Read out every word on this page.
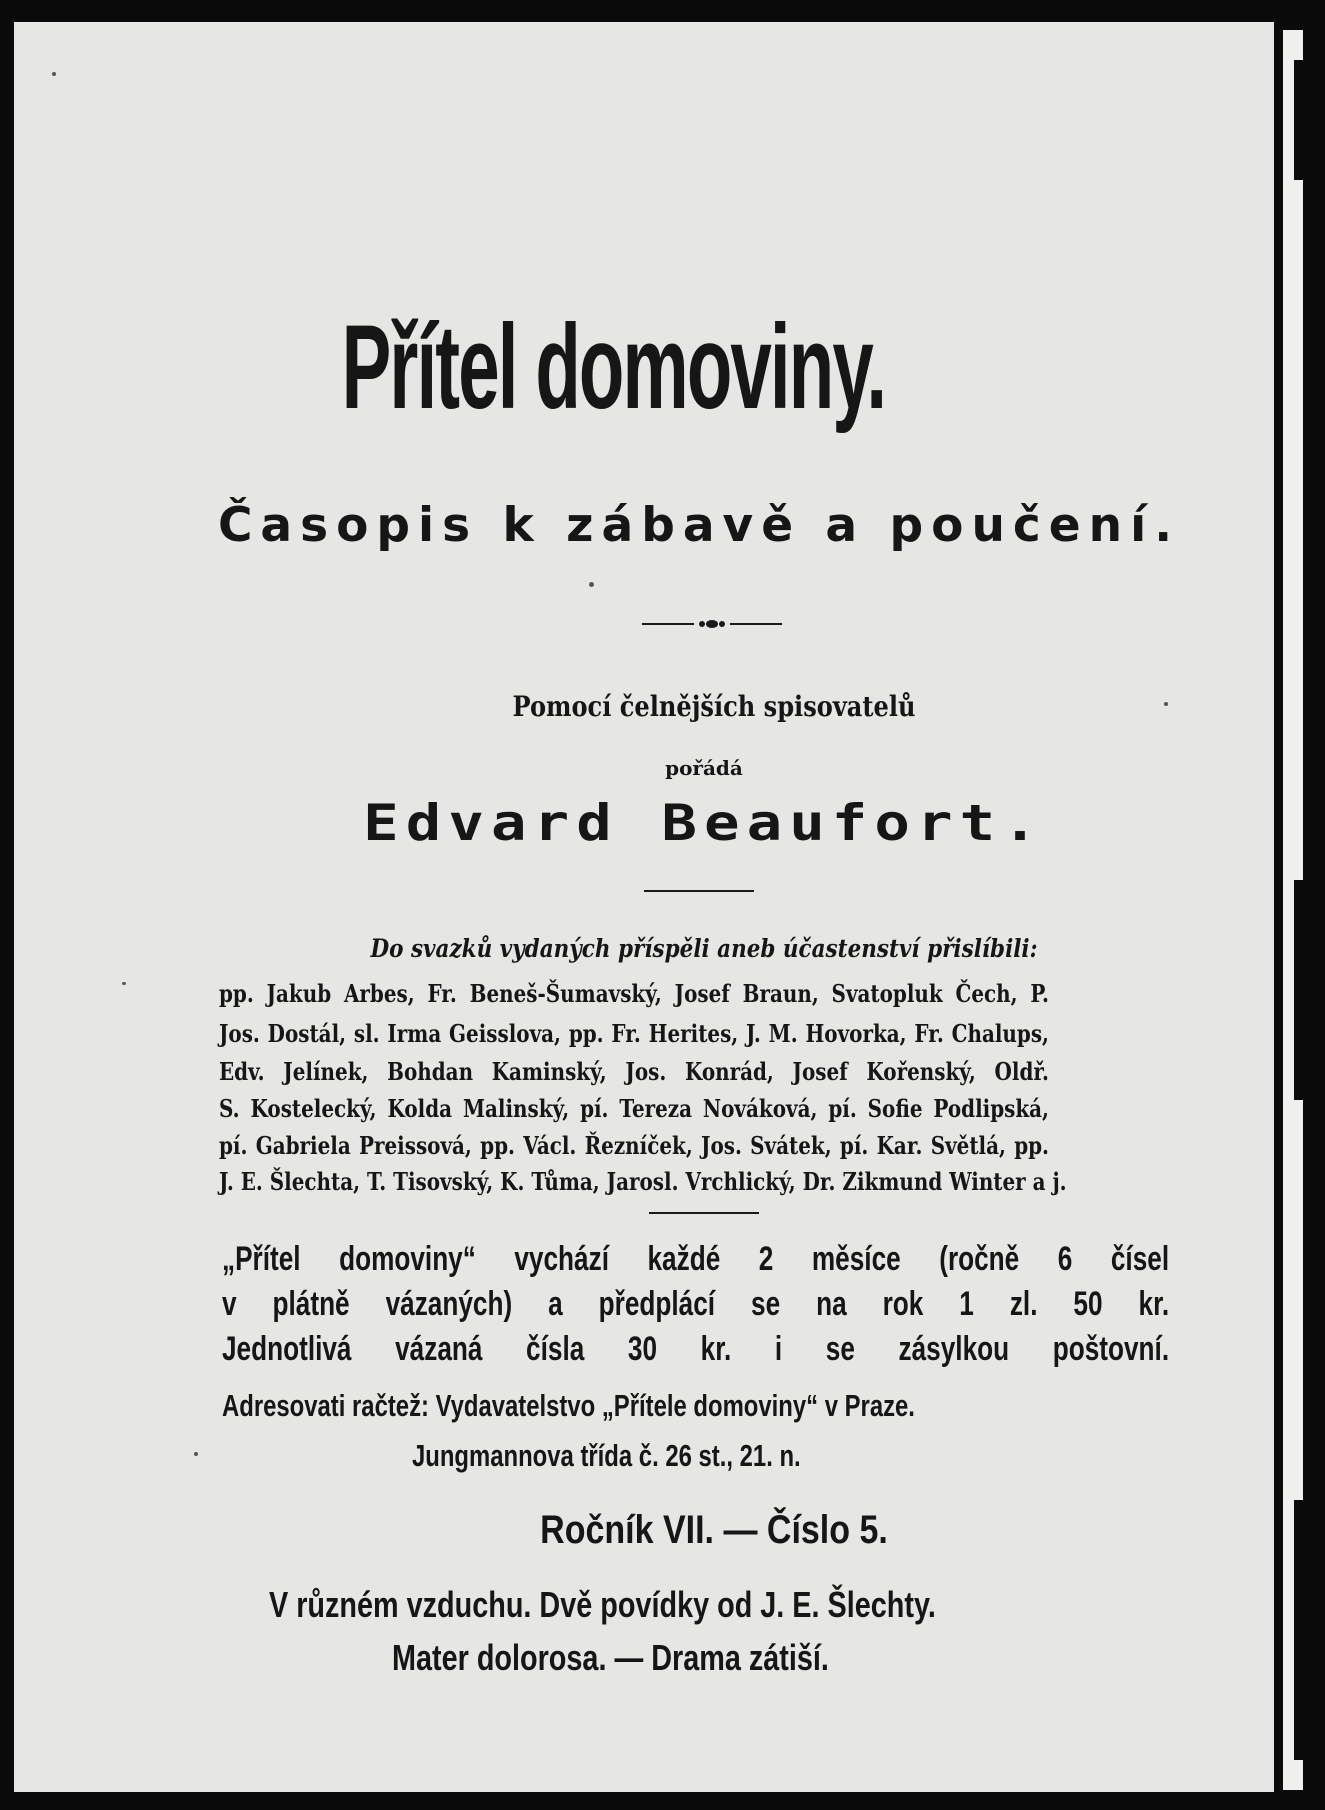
Přítel domoviny.
Časopis k zábavě a poučení.
Pomocí čelnějších spisovatelů
pořádá
Edvard Beaufort.
Do svazků vydaných příspěli aneb účastenství přislíbili:
pp. Jakub Arbes, Fr. Beneš-Šumavský, Josef Braun, Svatopluk Čech, P.
Jos. Dostál, sl. Irma Geisslova, pp. Fr. Herites, J. M. Hovorka, Fr. Chalups,
Edv. Jelínek, Bohdan Kaminský, Jos. Konrád, Josef Kořenský, Oldř.
S. Kostelecký, Kolda Malinský, pí. Tereza Nováková, pí. Sofie Podlipská,
pí. Gabriela Preissová, pp. Václ. Řezníček, Jos. Svátek, pí. Kar. Světlá, pp.
J. E. Šlechta, T. Tisovský, K. Tůma, Jarosl. Vrchlický, Dr. Zikmund Winter a j.
„Přítel domoviny“ vychází každé 2 měsíce (ročně 6 čísel
v plátně vázaných) a předplácí se na rok 1 zl. 50 kr.
Jednotlivá vázaná čísla 30 kr. i se zásylkou poštovní.
Adresovati račtež: Vydavatelstvo „Přítele domoviny“ v Praze.
Jungmannova třída č. 26 st., 21. n.
Ročník VII. — Číslo 5.
V různém vzduchu. Dvě povídky od J. E. Šlechty.
Mater dolorosa. — Drama zátiší.
